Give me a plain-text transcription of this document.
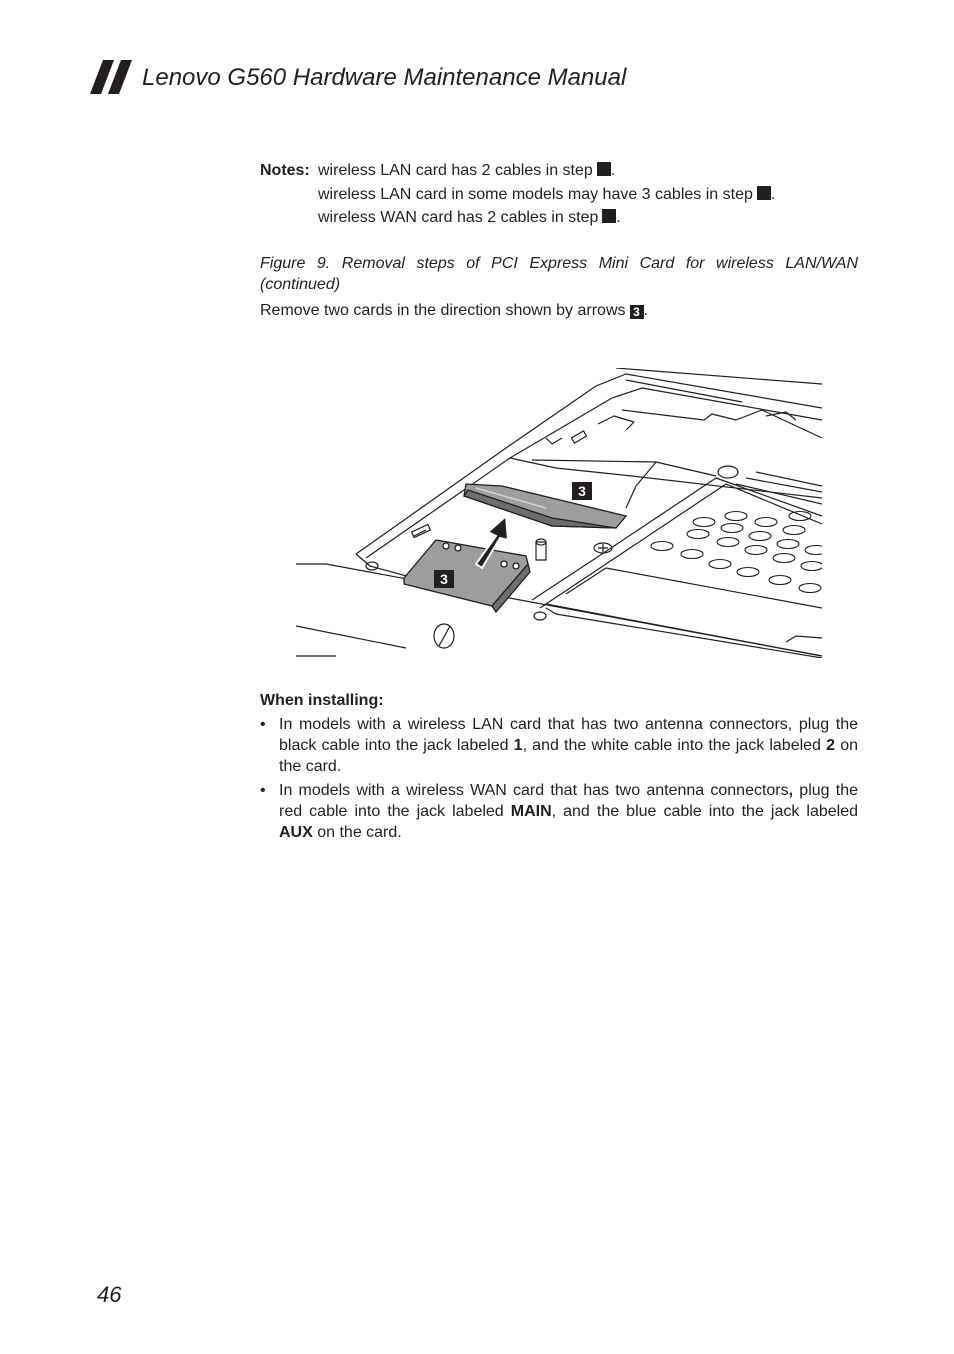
Lenovo G560 Hardware Maintenance Manual
Notes: wireless LAN card has 2 cables in step .
wireless LAN card in some models may have 3 cables in step .
wireless WAN card has 2 cables in step .
Figure 9. Removal steps of PCI Express Mini Card for wireless LAN/WAN (continued)
Remove two cards in the direction shown by arrows 3 .
3
3
When installing:
• In models with a wireless LAN card that has two antenna connectors, plug the black cable into the jack labeled 1, and the white cable into the jack labeled 2 on the card.
• In models with a wireless WAN card that has two antenna connectors, plug the red cable into the jack labeled MAIN, and the blue cable into the jack labeled AUX on the card.
46
